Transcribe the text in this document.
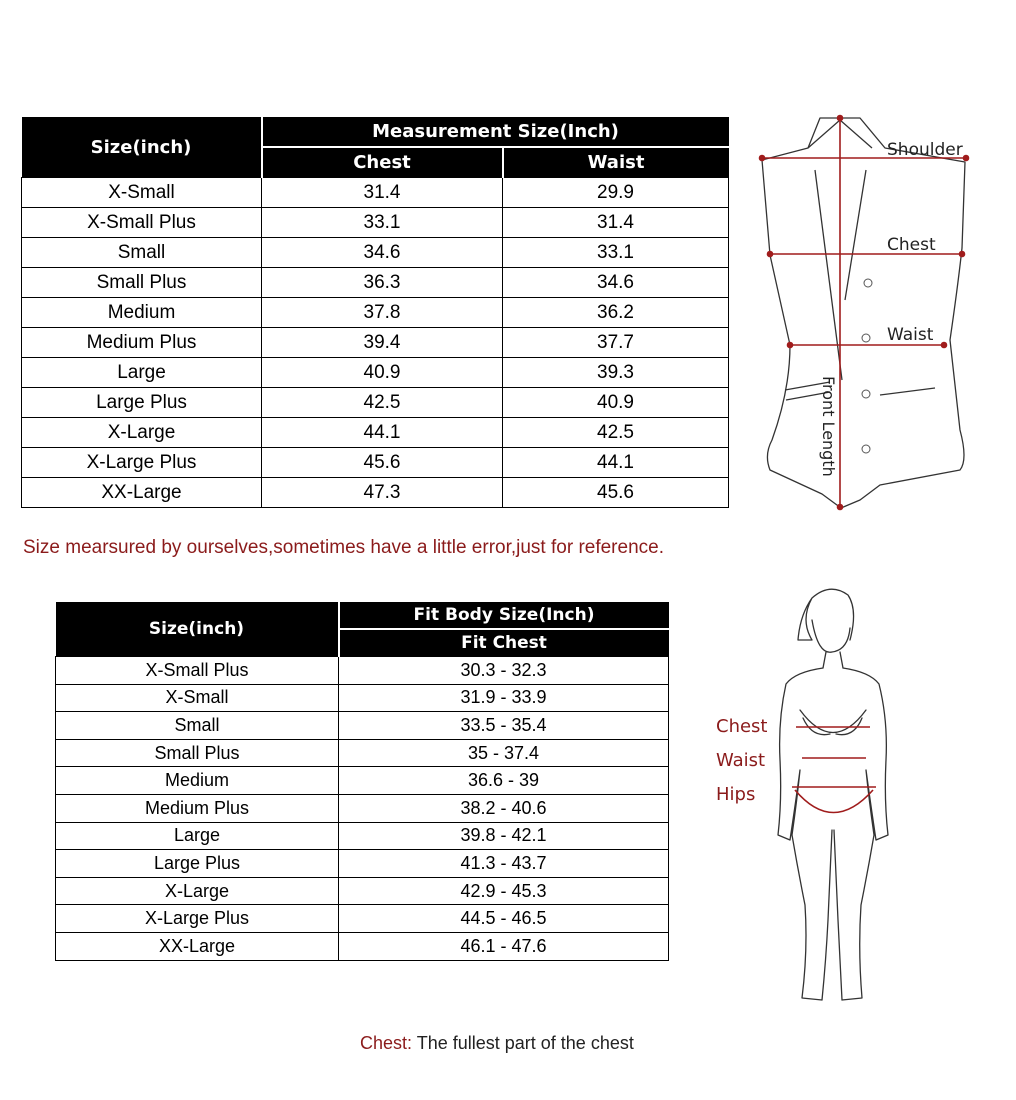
Size(inch)	Measurement Size(Inch)	
	Chest	Waist
X-Small	31.4	29.9
X-Small Plus	33.1	31.4
Small	34.6	33.1
Small Plus	36.3	34.6
Medium	37.8	36.2
Medium Plus	39.4	37.7
Large	40.9	39.3
Large Plus	42.5	40.9
X-Large	44.1	42.5
X-Large Plus	45.6	44.1
XX-Large	47.3	45.6
Shoulder
Chest
Waist
Front Length
Size mearsured by ourselves,sometimes have a little error,just for reference.
Size(inch)	Fit Body Size(Inch)
	Fit Chest
X-Small Plus	30.3 - 32.3
X-Small	31.9 - 33.9
Small	33.5 - 35.4
Small Plus	35 - 37.4
Medium	36.6 - 39
Medium Plus	38.2 - 40.6
Large	39.8 - 42.1
Large Plus	41.3 - 43.7
X-Large	42.9 - 45.3
X-Large Plus	44.5 - 46.5
XX-Large	46.1 - 47.6
Chest
Waist
Hips
Chest: The fullest part of the chest
